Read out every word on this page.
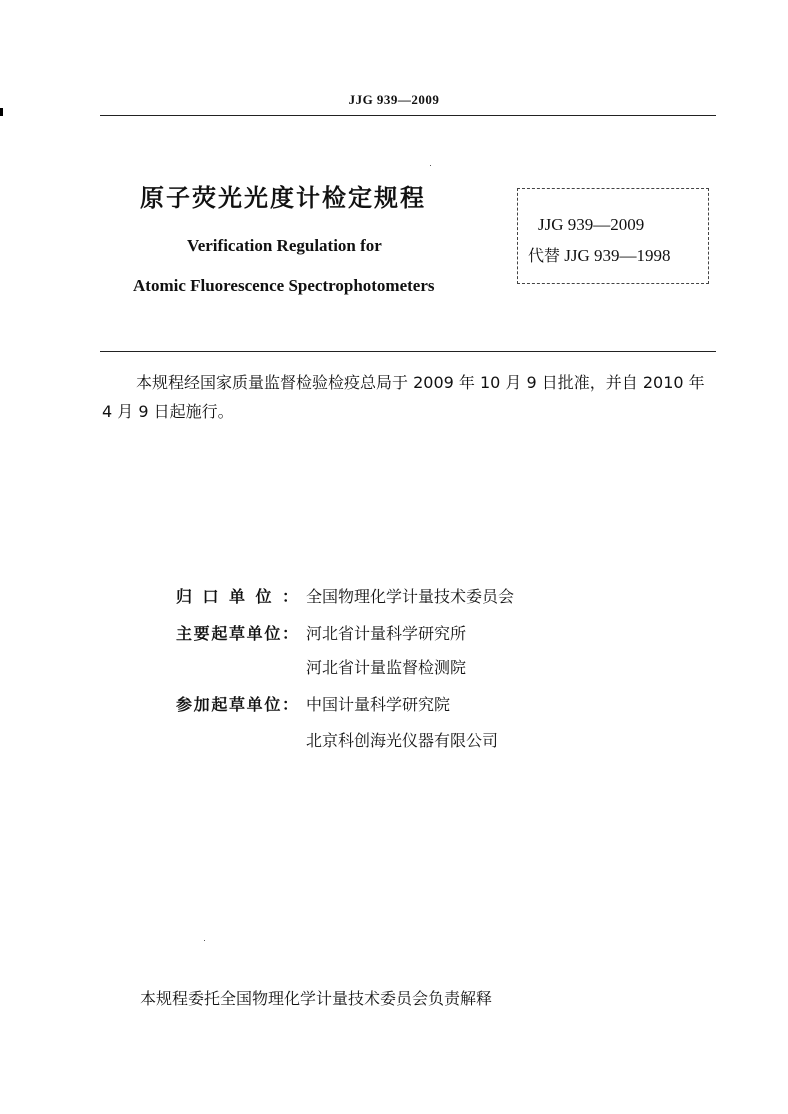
JJG 939—2009
原子荧光光度计检定规程
Verification Regulation for
Atomic Fluorescence Spectrophotometers
JJG 939—2009
代替 JJG 939—1998
本规程经国家质量监督检验检疫总局于 2009 年 10 月 9 日批准，并自 2010 年 4 月 9 日起施行。
归口单位： 全国物理化学计量技术委员会
主要起草单位： 河北省计量科学研究所
河北省计量监督检测院
参加起草单位： 中国计量科学研究院
北京科创海光仪器有限公司
本规程委托全国物理化学计量技术委员会负责解释
